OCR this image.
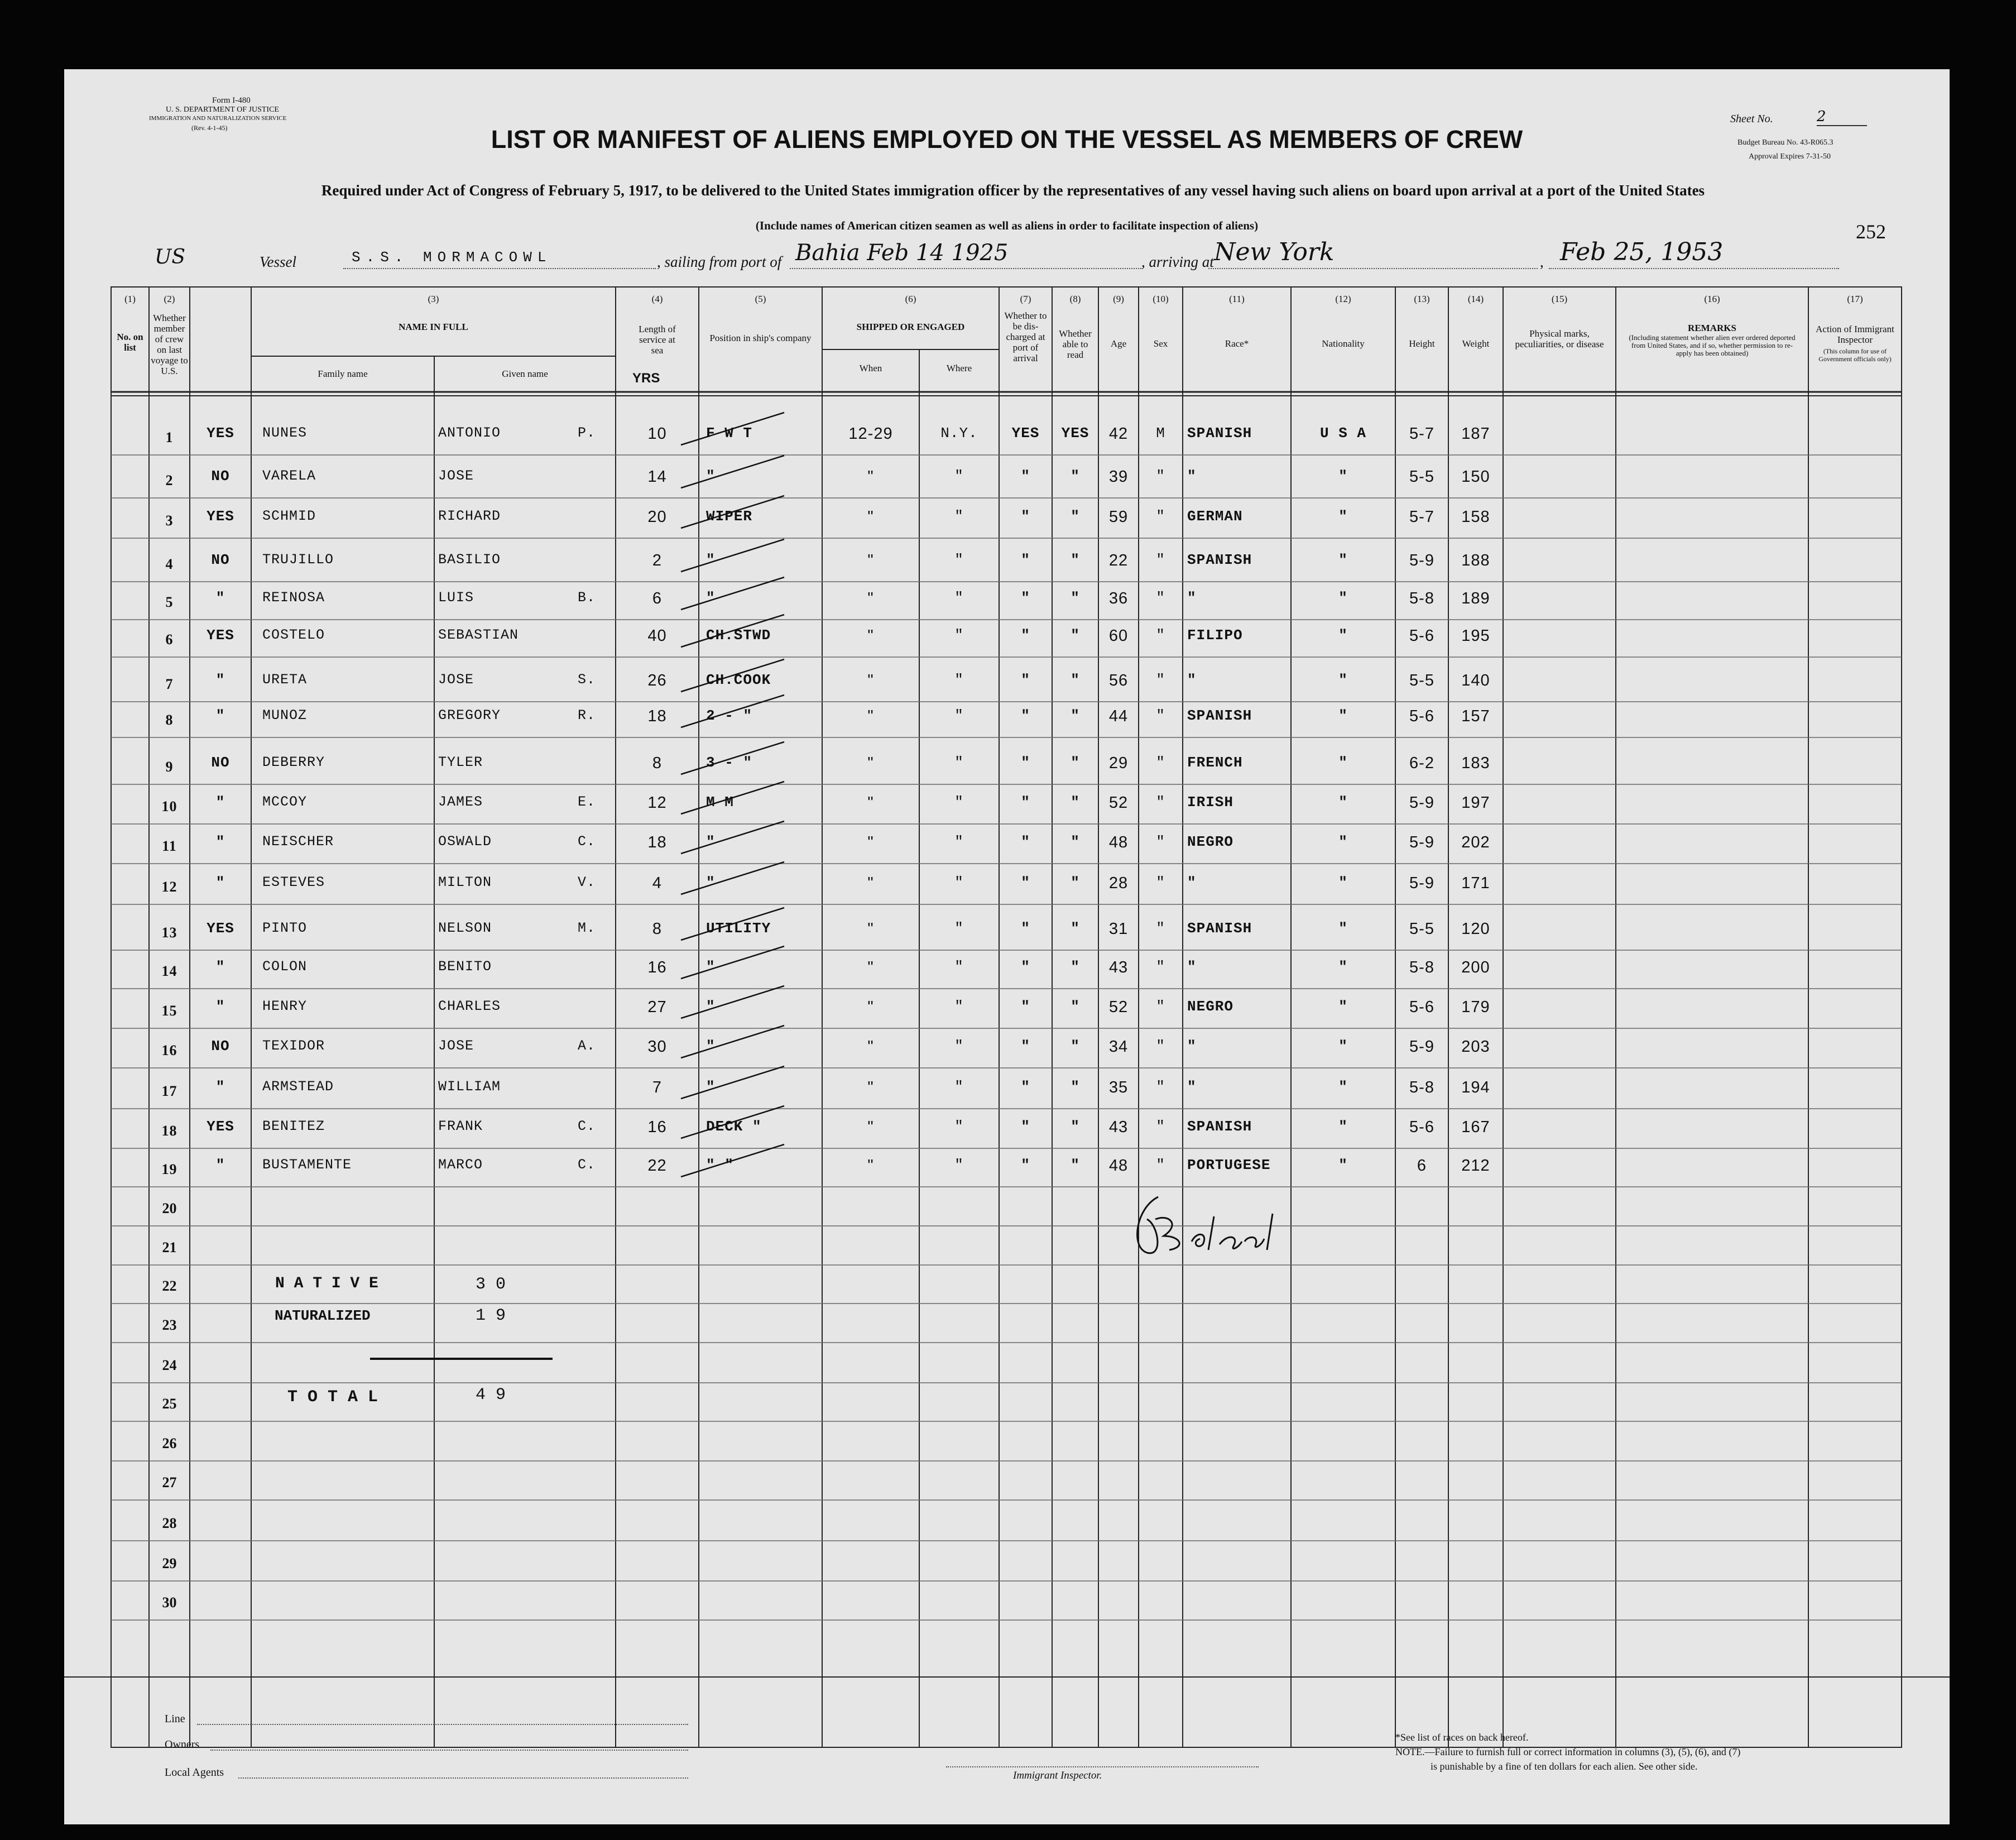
Form I-480
U. S. DEPARTMENT OF JUSTICE
IMMIGRATION AND NATURALIZATION SERVICE
(Rev. 4-1-45)
Sheet No.	2
Budget Bureau No. 43-R065.3
Approval Expires 7-31-50
252
LIST OR MANIFEST OF ALIENS EMPLOYED ON THE VESSEL AS MEMBERS OF CREW
Required under Act of Congress of February 5, 1917, to be delivered to the United States immigration officer by the representatives of any vessel having such aliens on board upon arrival at a port of the United States
(Include names of American citizen seamen as well as aliens in order to facilitate inspection of aliens)
US	Vessel	S.S. MORMACOWL	, sailing from port of Bahia Feb 14 1925	, arriving at New York	, Feb 25, 1953
(1)
No. on list
(2)
Whether member of crew on last voyage to U.S.
(3)
NAME IN FULL
Family name	Given name
(4)
Length of service at sea
YRS
(5)
Position in ship's company
(6)
SHIPPED OR ENGAGED
When	Where
(7)
Whether to be dis-charged at port of arrival
(8)
Whether able to read
(9)
Age
(10)
Sex
(11)
Race*
(12)
Nationality
(13)
Height
(14)
Weight
(15)
Physical marks, peculiarities, or disease
(16)
REMARKS
(Including statement whether alien ever ordered deported from United States, and if so, whether permission to re-apply has been obtained)
(17)
Action of Immigrant Inspector
(This column for use of Government officials only)
1	YES	NUNES	ANTONIO	P.	10	F W T	12-29	N.Y.	YES	YES	42	M	SPANISH	U S A	5-7	187
2	NO	VARELA	JOSE	14	"	"	"	"	"	39	"	"	"	5-5	150
3	YES	SCHMID	RICHARD	20	WIPER	"	"	"	"	59	"	GERMAN	"	5-7	158
4	NO	TRUJILLO	BASILIO	2	"	"	"	"	"	22	"	SPANISH	"	5-9	188
5	"	REINOSA	LUIS	B.	6	"	"	"	"	"	36	"	"	"	5-8	189
6	YES	COSTELO	SEBASTIAN	40	CH.STWD	"	"	"	"	60	"	FILIPO	"	5-6	195
7	"	URETA	JOSE	S.	26	CH.COOK	"	"	"	"	56	"	"	"	5-5	140
8	"	MUNOZ	GREGORY	R.	18	2 - "	"	"	"	"	44	"	SPANISH	"	5-6	157
9	NO	DEBERRY	TYLER	8	3 - "	"	"	"	"	29	"	FRENCH	"	6-2	183
10	"	MCCOY	JAMES	E.	12	M M	"	"	"	"	52	"	IRISH	"	5-9	197
11	"	NEISCHER	OSWALD	C.	18	"	"	"	"	"	48	"	NEGRO	"	5-9	202
12	"	ESTEVES	MILTON	V.	4	"	"	"	"	"	28	"	"	"	5-9	171
13	YES	PINTO	NELSON	M.	8	UTILITY	"	"	"	"	31	"	SPANISH	"	5-5	120
14	"	COLON	BENITO	16	"	"	"	"	"	43	"	"	"	5-8	200
15	"	HENRY	CHARLES	27	"	"	"	"	"	52	"	NEGRO	"	5-6	179
16	NO	TEXIDOR	JOSE	A.	30	"	"	"	"	"	34	"	"	"	5-9	203
17	"	ARMSTEAD	WILLIAM	7	"	"	"	"	"	35	"	"	"	5-8	194
18	YES	BENITEZ	FRANK	C.	16	DECK "	"	"	"	"	43	"	SPANISH	"	5-6	167
19	"	BUSTAMENTE	MARCO	C.	22	" "	"	"	"	"	48	"	PORTUGESE	"	6	212
20
21
22
23
24
25
26
27
28
29
30
N A T I V E	3 0
NATURALIZED	1 9
T O T A L	4 9
Line
Owners
Local Agents	Immigrant Inspector.
*See list of races on back hereof.
NOTE.—Failure to furnish full or correct information in columns (3), (5), (6), and (7)
is punishable by a fine of ten dollars for each alien. See other side.
